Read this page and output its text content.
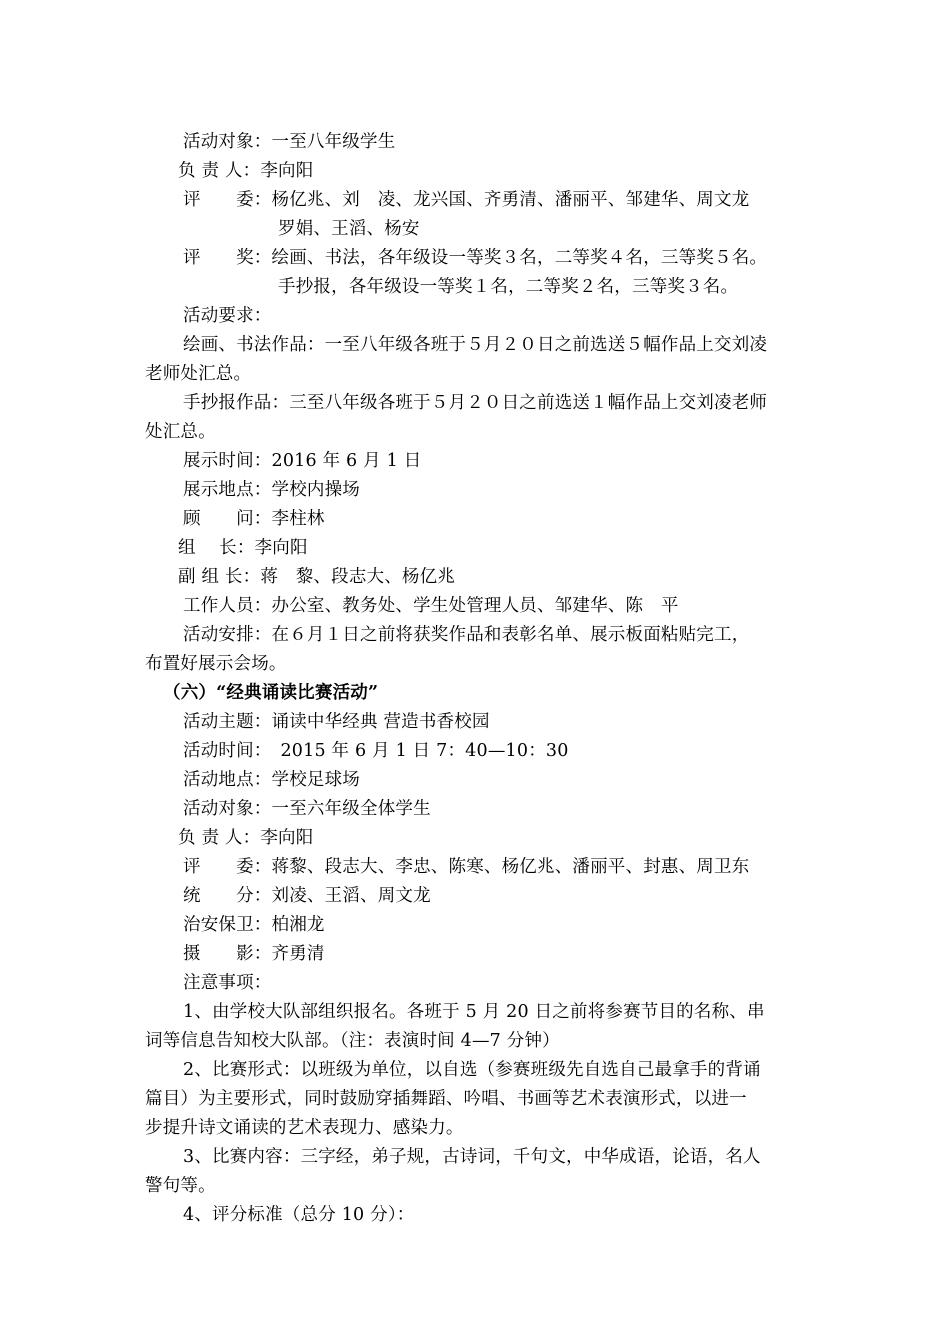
活动对象：一至八年级学生
负 责 人：李向阳
评　　委：杨亿兆、刘　凌、龙兴国、齐勇清、潘丽平、邹建华、周文龙
罗娟、王滔、杨安
评　　奖：绘画、书法，各年级设一等奖３名，二等奖４名，三等奖５名。
手抄报，各年级设一等奖１名，二等奖２名，三等奖３名。
活动要求：
绘画、书法作品：一至八年级各班于５月２０日之前选送５幅作品上交刘凌
老师处汇总。
手抄报作品：三至八年级各班于５月２０日之前选送１幅作品上交刘凌老师
处汇总。
展示时间：2016 年 6 月 1 日
展示地点：学校内操场
顾　　问：李柱林
组　 长：李向阳
副 组 长：蒋　黎、段志大、杨亿兆
工作人员：办公室、教务处、学生处管理人员、邹建华、陈　平
活动安排：在６月１日之前将获奖作品和表彰名单、展示板面粘贴完工，
布置好展示会场。
（六）“经典诵读比赛活动”
活动主题：诵读中华经典 营造书香校园
活动时间：　2015 年 6 月 1 日 7：40—10：30
活动地点：学校足球场
活动对象：一至六年级全体学生
负 责 人：李向阳
评　　委：蒋黎、段志大、李忠、陈寒、杨亿兆、潘丽平、封惠、周卫东
统　　分：刘凌、王滔、周文龙
治安保卫：柏湘龙
摄　　影：齐勇清
注意事项：
1、由学校大队部组织报名。各班于 5 月 20 日之前将参赛节目的名称、串
词等信息告知校大队部。（注：表演时间 4—7 分钟）
2、比赛形式：以班级为单位，以自选（参赛班级先自选自己最拿手的背诵
篇目）为主要形式，同时鼓励穿插舞蹈、吟唱、书画等艺术表演形式，以进一
步提升诗文诵读的艺术表现力、感染力。
3、比赛内容：三字经，弟子规，古诗词，千句文，中华成语，论语，名人
警句等。
4、评分标准（总分 10 分）：
